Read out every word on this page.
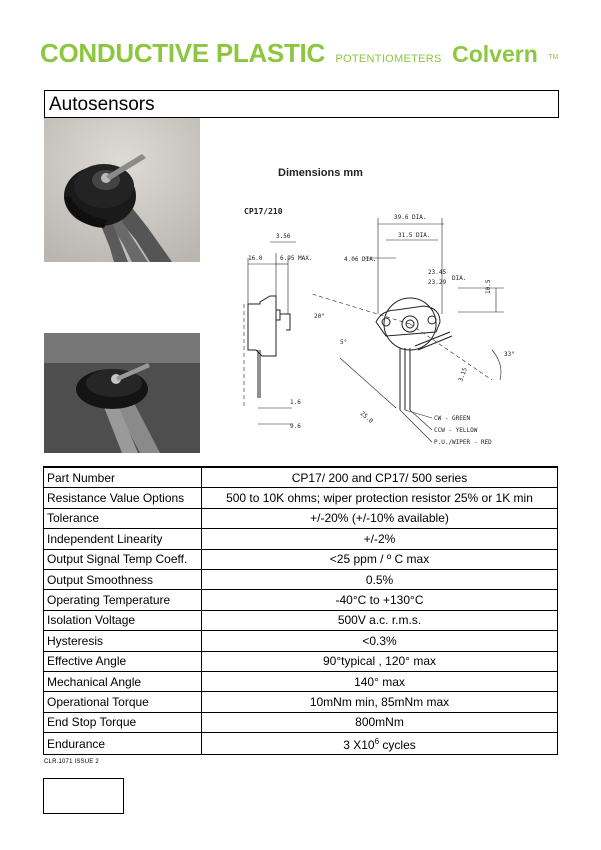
CONDUCTIVE PLASTIC POTENTIOMETERS Colvern TM
Autosensors
Dimensions mm
CP17/210
39.6 DIA.
31.5 DIA.
3.56
16.0	6.95 MAX.	4.06 DIA.
23.45
23.29
DIA.
10.5
20°
5°
33°
3.15
1.6
9.6
25.0	CW - GREEN
CCW - YELLOW
P.U./WIPER - RED
Part Number	CP17/ 200 and CP17/ 500 series
Resistance Value Options	500 to 10K ohms; wiper protection resistor 25% or 1K min
Tolerance	+/-20% (+/-10% available)
Independent Linearity	+/-2%
Output Signal Temp Coeff.	<25 ppm / º C max
Output Smoothness	0.5%
Operating Temperature	-40°C to +130°C
Isolation Voltage	500V a.c. r.m.s.
Hysteresis	<0.3%
Effective Angle	90°typical , 120° max
Mechanical Angle	140° max
Operational Torque	10mNm min, 85mNm max
End Stop Torque	800mNm
Endurance	3 $X10^6$ cycles
CLR.1071 ISSUE 2
